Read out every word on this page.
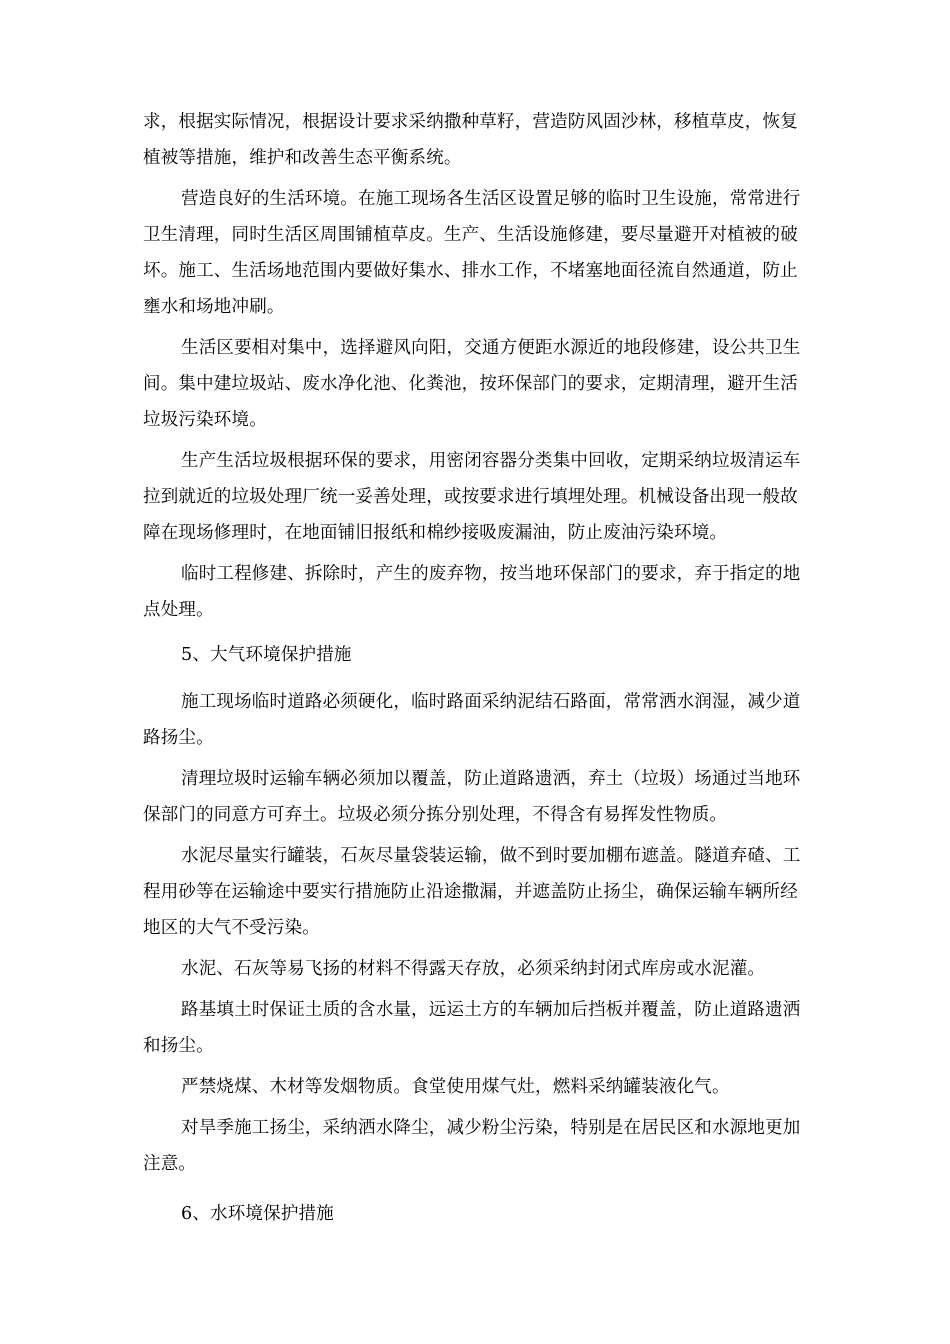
求，根据实际情况，根据设计要求采纳撒种草籽，营造防风固沙林，移植草皮，恢复

植被等措施，维护和改善生态平衡系统。

营造良好的生活环境。在施工现场各生活区设置足够的临时卫生设施，常常进行

卫生清理，同时生活区周围铺植草皮。生产、生活设施修建，要尽量避开对植被的破

坏。施工、生活场地范围内要做好集水、排水工作，不堵塞地面径流自然通道，防止

壅水和场地冲刷。

生活区要相对集中，选择避风向阳，交通方便距水源近的地段修建，设公共卫生

间。集中建垃圾站、废水净化池、化粪池，按环保部门的要求，定期清理，避开生活

垃圾污染环境。

生产生活垃圾根据环保的要求，用密闭容器分类集中回收，定期采纳垃圾清运车

拉到就近的垃圾处理厂统一妥善处理，或按要求进行填埋处理。机械设备出现一般故

障在现场修理时，在地面铺旧报纸和棉纱接吸废漏油，防止废油污染环境。

临时工程修建、拆除时，产生的废弃物，按当地环保部门的要求，弃于指定的地

点处理。

5、大气环境保护措施

施工现场临时道路必须硬化，临时路面采纳泥结石路面，常常洒水润湿，减少道

路扬尘。

清理垃圾时运输车辆必须加以覆盖，防止道路遗洒，弃土（垃圾）场通过当地环

保部门的同意方可弃土。垃圾必须分拣分别处理，不得含有易挥发性物质。

水泥尽量实行罐装，石灰尽量袋装运输，做不到时要加棚布遮盖。隧道弃碴、工

程用砂等在运输途中要实行措施防止沿途撒漏，并遮盖防止扬尘，确保运输车辆所经

地区的大气不受污染。

水泥、石灰等易飞扬的材料不得露天存放，必须采纳封闭式库房或水泥灌。

路基填土时保证土质的含水量，远运土方的车辆加后挡板并覆盖，防止道路遗洒

和扬尘。

严禁烧煤、木材等发烟物质。食堂使用煤气灶，燃料采纳罐装液化气。

对旱季施工扬尘，采纳洒水降尘，减少粉尘污染，特别是在居民区和水源地更加

注意。

6、水环境保护措施
